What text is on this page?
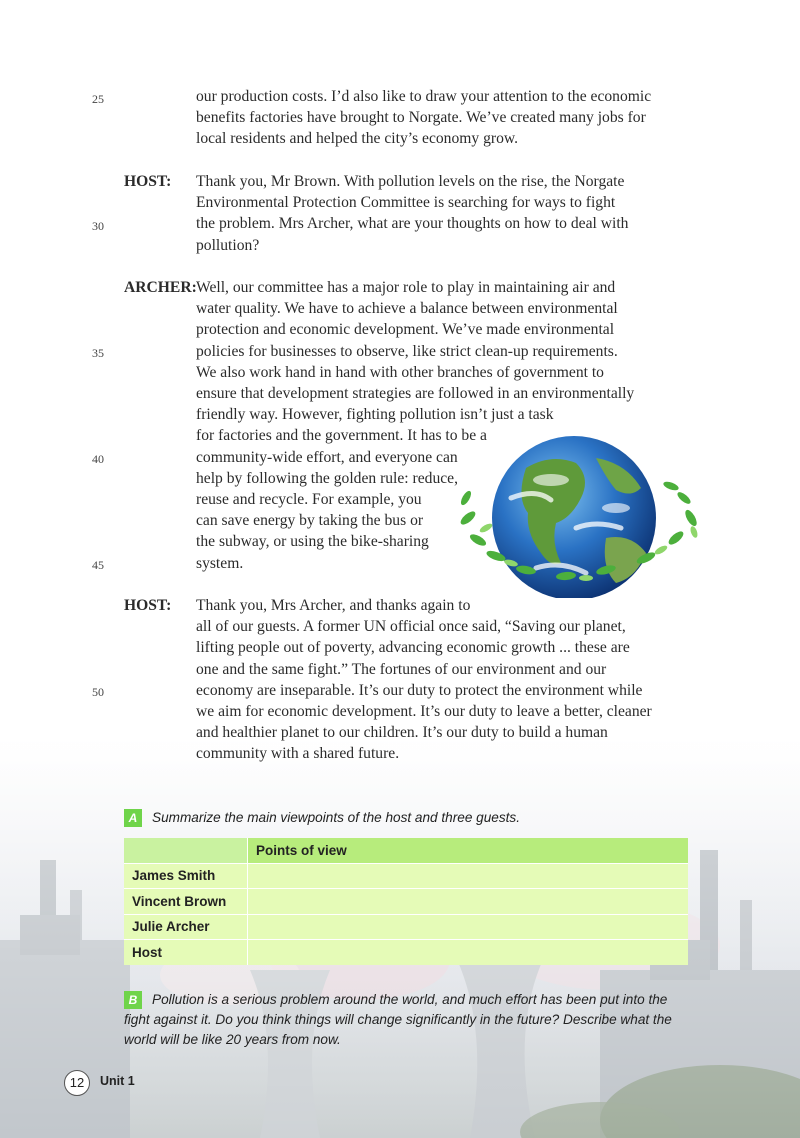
25
30
35
40
45
50

our production costs. I’d also like to draw your attention to the economic

benefits factories have brought to Norgate. We’ve created many jobs for

local residents and helped the city’s economy grow.

HOST: Thank you, Mr Brown. With pollution levels on the rise, the Norgate

Environmental Protection Committee is searching for ways to fight

the problem. Mrs Archer, what are your thoughts on how to deal with

pollution?

ARCHER: Well, our committee has a major role to play in maintaining air and

water quality. We have to achieve a balance between environmental

protection and economic development. We’ve made environmental

policies for businesses to observe, like strict clean-up requirements.

We also work hand in hand with other branches of government to

ensure that development strategies are followed in an environmentally

friendly way. However, fighting pollution isn’t just a task

for factories and the government. It has to be a

community-wide effort, and everyone can

help by following the golden rule: reduce,

reuse and recycle. For example, you

can save energy by taking the bus or

the subway, or using the bike-sharing

system.

HOST: Thank you, Mrs Archer, and thanks again to

all of our guests. A former UN official once said, “Saving our planet,

lifting people out of poverty, advancing economic growth ... these are

one and the same fight.” The fortunes of our environment and our

economy are inseparable. It’s our duty to protect the environment while

we aim for economic development. It’s our duty to leave a better, cleaner

and healthier planet to our children. It’s our duty to build a human

community with a shared future.

A Summarize the main viewpoints of the host and three guests.
	Points of view
James Smith	
Vincent Brown	
Julie Archer	
Host	
B Pollution is a serious problem around the world, and much effort has been put into the fight against it. Do you think things will change significantly in the future? Describe what the world will be like 20 years from now.
12	Unit 1
